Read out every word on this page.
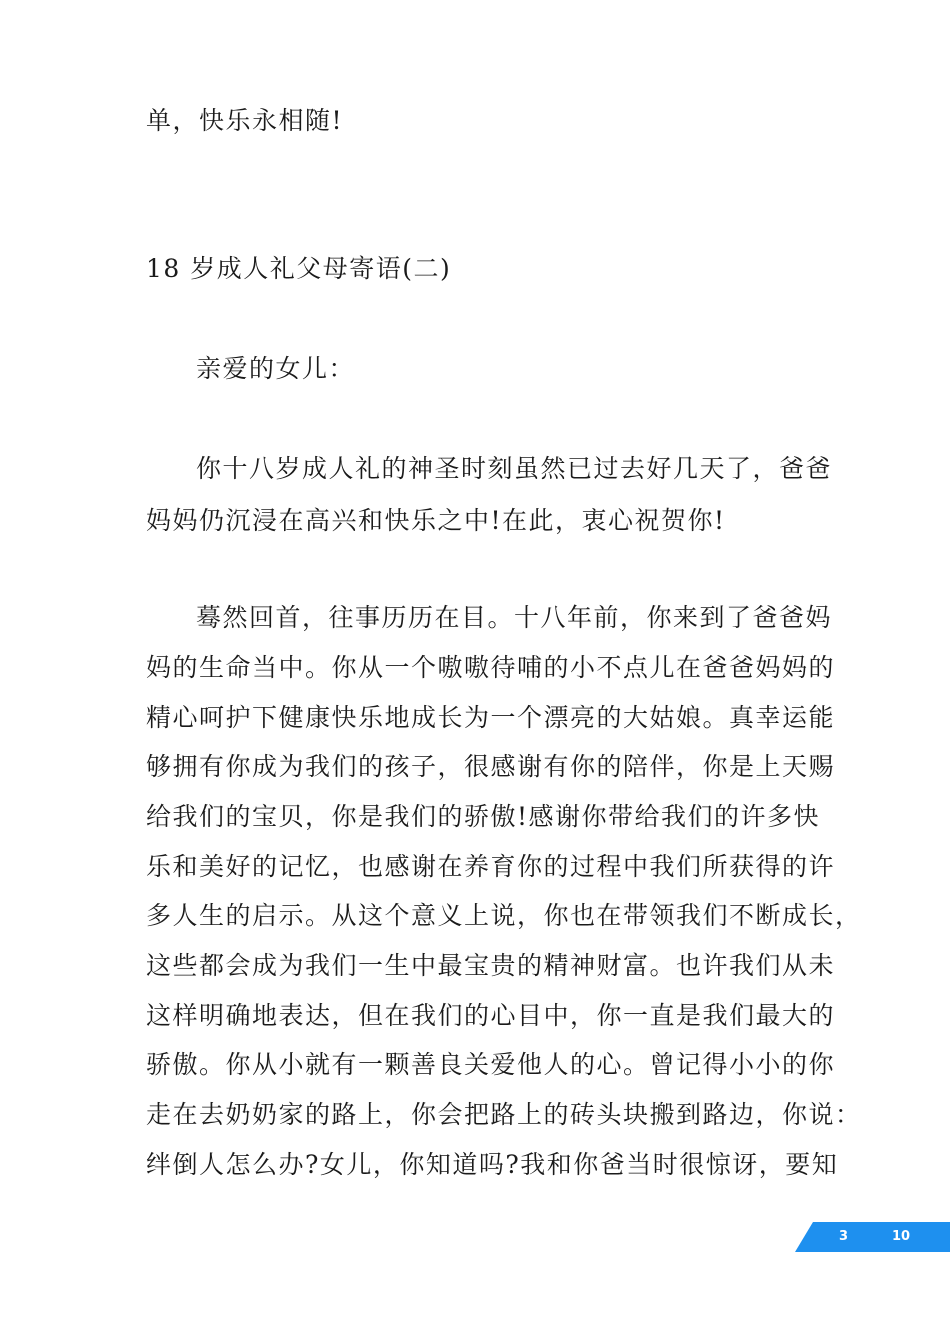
单，快乐永相随!
18 岁成人礼父母寄语(二)
亲爱的女儿：
你十八岁成人礼的神圣时刻虽然已过去好几天了，爸爸
妈妈仍沉浸在高兴和快乐之中!在此，衷心祝贺你!
蓦然回首，往事历历在目。十八年前，你来到了爸爸妈
妈的生命当中。你从一个嗷嗷待哺的小不点儿在爸爸妈妈的
精心呵护下健康快乐地成长为一个漂亮的大姑娘。真幸运能
够拥有你成为我们的孩子，很感谢有你的陪伴，你是上天赐
给我们的宝贝，你是我们的骄傲!感谢你带给我们的许多快
乐和美好的记忆，也感谢在养育你的过程中我们所获得的许
多人生的启示。从这个意义上说，你也在带领我们不断成长，
这些都会成为我们一生中最宝贵的精神财富。也许我们从未
这样明确地表达，但在我们的心目中，你一直是我们最大的
骄傲。你从小就有一颗善良关爱他人的心。曾记得小小的你
走在去奶奶家的路上，你会把路上的砖头块搬到路边，你说：
绊倒人怎么办?女儿，你知道吗?我和你爸当时很惊讶，要知
3	10
